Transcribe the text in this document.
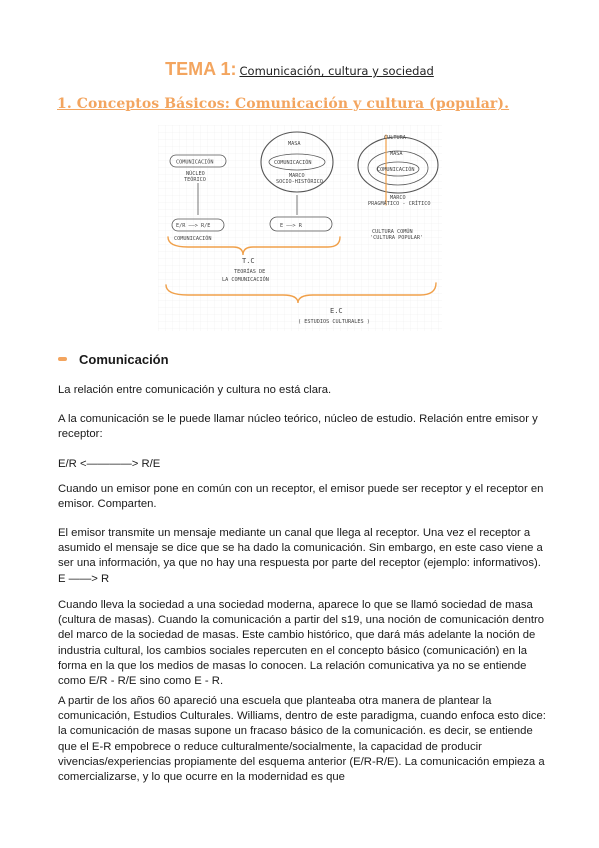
TEMA 1: Comunicación, cultura y sociedad
1. Conceptos Básicos: Comunicación y cultura (popular).
COMUNICACIÓN
NÚCLEO
TEÓRICO
MASA
COMUNICACIÓN
MARCO
SOCIO-HISTÓRICO
CULTURA
MASA
COMUNICACIÓN
MARCO
PRAGMÁTICO - CRÍTICO
E/R ——> R/E
COMUNICACIÓN
E ——> R
CULTURA COMÚN
'CULTURA POPULAR'
T.C
TEORÍAS DE
LA COMUNICACIÓN
E.C
( ESTUDIOS CULTURALES )
Comunicación

La relación entre comunicación y cultura no está clara.

A la comunicación se le puede llamar núcleo teórico, núcleo de estudio. Relación entre emisor y receptor:

E/R <————> R/E

Cuando un emisor pone en común con un receptor, el emisor puede ser receptor y el receptor en emisor. Comparten.

El emisor transmite un mensaje mediante un canal que llega al receptor. Una vez el receptor a asumido el mensaje se dice que se ha dado la comunicación. Sin embargo, en este caso viene a ser una información, ya que no hay una respuesta por parte del receptor (ejemplo: informativos). E ——> R

Cuando lleva la sociedad a una sociedad moderna, aparece lo que se llamó sociedad de masa (cultura de masas). Cuando la comunicación a partir del s19, una noción de comunicación dentro del marco de la sociedad de masas. Este cambio histórico, que dará más adelante la noción de industria cultural, los cambios sociales repercuten en el concepto básico (comunicación) en la forma en la que los medios de masas lo conocen. La relación comunicativa ya no se entiende como E/R - R/E sino como E - R.

A partir de los años 60 apareció una escuela que planteaba otra manera de plantear la comunicación, Estudios Culturales. Williams, dentro de este paradigma, cuando enfoca esto dice: la comunicación de masas supone un fracaso básico de la comunicación. es decir, se entiende que el E-R empobrece o reduce culturalmente/socialmente, la capacidad de producir vivencias/experiencias propiamente del esquema anterior (E/R-R/E). La comunicación empieza a comercializarse, y lo que ocurre en la modernidad es que
